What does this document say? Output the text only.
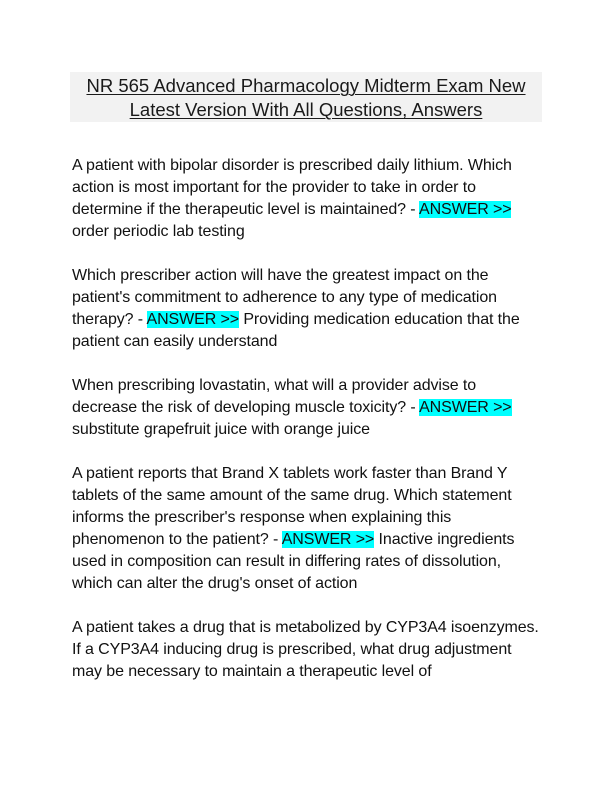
NR 565 Advanced Pharmacology Midterm Exam New
Latest Version With All Questions, Answers

A patient with bipolar disorder is prescribed daily lithium. Which action is most important for the provider to take in order to determine if the therapeutic level is maintained? - ANSWER >> order periodic lab testing

Which prescriber action will have the greatest impact on the patient's commitment to adherence to any type of medication therapy? - ANSWER >> Providing medication education that the patient can easily understand

When prescribing lovastatin, what will a provider advise to decrease the risk of developing muscle toxicity? - ANSWER >> substitute grapefruit juice with orange juice

A patient reports that Brand X tablets work faster than Brand Y tablets of the same amount of the same drug. Which statement informs the prescriber's response when explaining this phenomenon to the patient? - ANSWER >> Inactive ingredients used in composition can result in differing rates of dissolution, which can alter the drug's onset of action

A patient takes a drug that is metabolized by CYP3A4 isoenzymes. If a CYP3A4 inducing drug is prescribed, what drug adjustment may be necessary to maintain a therapeutic level of
